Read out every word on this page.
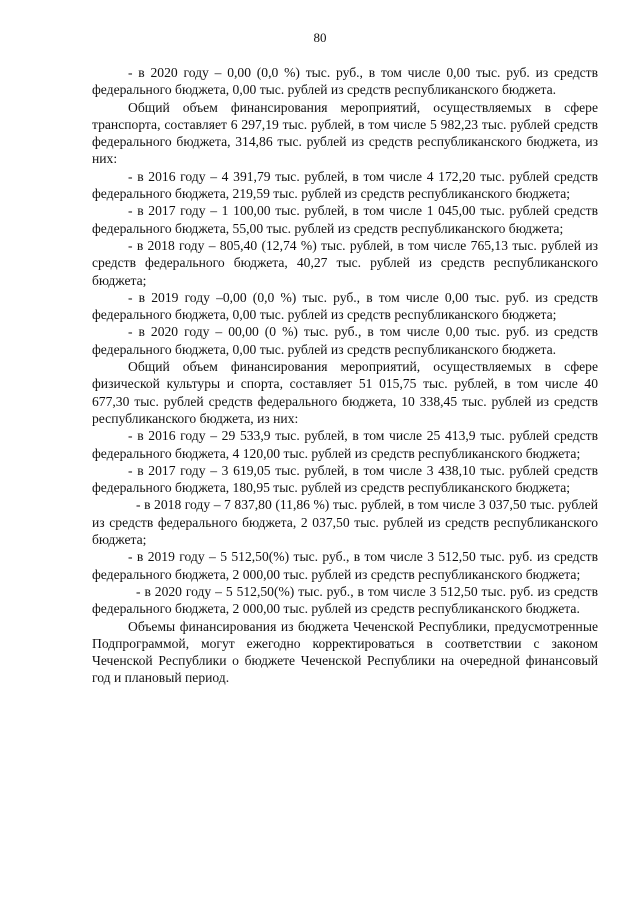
80

- в 2020 году – 0,00 (0,0 %) тыс. руб., в том числе 0,00 тыс. руб. из средств федерального бюджета, 0,00 тыс. рублей из средств республиканского бюджета.

Общий объем финансирования мероприятий, осуществляемых в сфере транспорта, составляет 6 297,19 тыс. рублей, в том числе 5 982,23 тыс. рублей средств федерального бюджета, 314,86 тыс. рублей из средств республиканского бюджета, из них:

- в 2016 году – 4 391,79 тыс. рублей, в том числе 4 172,20 тыс. рублей средств федерального бюджета, 219,59 тыс. рублей из средств республиканского бюджета;

- в 2017 году – 1 100,00 тыс. рублей, в том числе 1 045,00 тыс. рублей средств федерального бюджета, 55,00 тыс. рублей из средств республиканского бюджета;

- в 2018 году – 805,40 (12,74 %) тыс. рублей, в том числе 765,13 тыс. рублей из средств федерального бюджета, 40,27 тыс. рублей из средств республиканского бюджета;

- в 2019 году –0,00 (0,0 %) тыс. руб., в том числе 0,00 тыс. руб. из средств федерального бюджета, 0,00 тыс. рублей из средств республиканского бюджета;

- в 2020 году – 00,00 (0 %) тыс. руб., в том числе 0,00 тыс. руб. из средств федерального бюджета, 0,00 тыс. рублей из средств республиканского бюджета.

Общий объем финансирования мероприятий, осуществляемых в сфере физической культуры и спорта, составляет 51 015,75 тыс. рублей, в том числе 40 677,30 тыс. рублей средств федерального бюджета, 10 338,45 тыс. рублей из средств республиканского бюджета, из них:

- в 2016 году – 29 533,9 тыс. рублей, в том числе 25 413,9 тыс. рублей средств федерального бюджета, 4 120,00 тыс. рублей из средств республиканского бюджета;

- в 2017 году – 3 619,05 тыс. рублей, в том числе 3 438,10 тыс. рублей средств федерального бюджета, 180,95 тыс. рублей из средств республиканского бюджета;

- в 2018 году – 7 837,80 (11,86 %) тыс. рублей, в том числе 3 037,50 тыс. рублей из средств федерального бюджета, 2 037,50 тыс. рублей из средств республиканского бюджета;

- в 2019 году – 5 512,50(%) тыс. руб., в том числе 3 512,50 тыс. руб. из средств федерального бюджета, 2 000,00 тыс. рублей из средств республиканского бюджета;

- в 2020 году – 5 512,50(%) тыс. руб., в том числе 3 512,50 тыс. руб. из средств федерального бюджета, 2 000,00 тыс. рублей из средств республиканского бюджета.

Объемы финансирования из бюджета Чеченской Республики, предусмотренные Подпрограммой, могут ежегодно корректироваться в соответствии с законом Чеченской Республики о бюджете Чеченской Республики на очередной финансовый год и плановый период.
